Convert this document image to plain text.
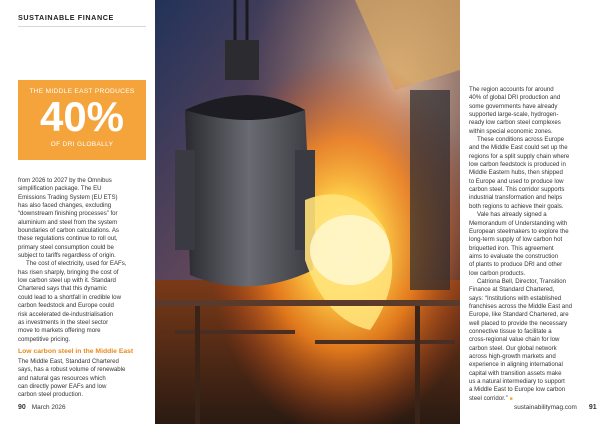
SUSTAINABLE FINANCE
THE MIDDLE EAST PRODUCES
40%
OF DRI GLOBALLY

from 2026 to 2027 by the Omnibus

simplification package. The EU

Emissions Trading System (EU ETS)

has also faced changes, excluding

“downstream finishing processes” for

aluminium and steel from the system

boundaries of carbon calculations. As

these regulations continue to roll out,

primary steel consumption could be

subject to tariffs regardless of origin.

The cost of electricity, used for EAFs,

has risen sharply, bringing the cost of

low carbon steel up with it. Standard

Chartered says that this dynamic

could lead to a shortfall in credible low

carbon feedstock and Europe could

risk accelerated de-industrialisation

as investments in the steel sector

move to markets offering more

competitive pricing.

Low carbon steel in the Middle East

The Middle East, Standard Chartered

says, has a robust volume of renewable

and natural gas resources which

can directly power EAFs and low

carbon steel production.

90 March 2026

The region accounts for around

40% of global DRI production and

some governments have already

supported large-scale, hydrogen-

ready low carbon steel complexes

within special economic zones.

These conditions across Europe

and the Middle East could set up the

regions for a split supply chain where

low carbon feedstock is produced in

Middle Eastern hubs, then shipped

to Europe and used to produce low

carbon steel. This corridor supports

industrial transformation and helps

both regions to achieve their goals.

Vale has already signed a

Memorandum of Understanding with

European steelmakers to explore the

long-term supply of low carbon hot

briquetted iron. This agreement

aims to evaluate the construction

of plants to produce DRI and other

low carbon products.

Catriona Bell, Director, Transition

Finance at Standard Chartered,

says: “Institutions with established

franchises across the Middle East and

Europe, like Standard Chartered, are

well placed to provide the necessary

connective tissue to facilitate a

cross-regional value chain for low

carbon steel. Our global network

across high-growth markets and

experience in aligning international

capital with transition assets make

us a natural intermediary to support

a Middle East to Europe low carbon

steel corridor.” ■

sustainabilitymag.com 91
